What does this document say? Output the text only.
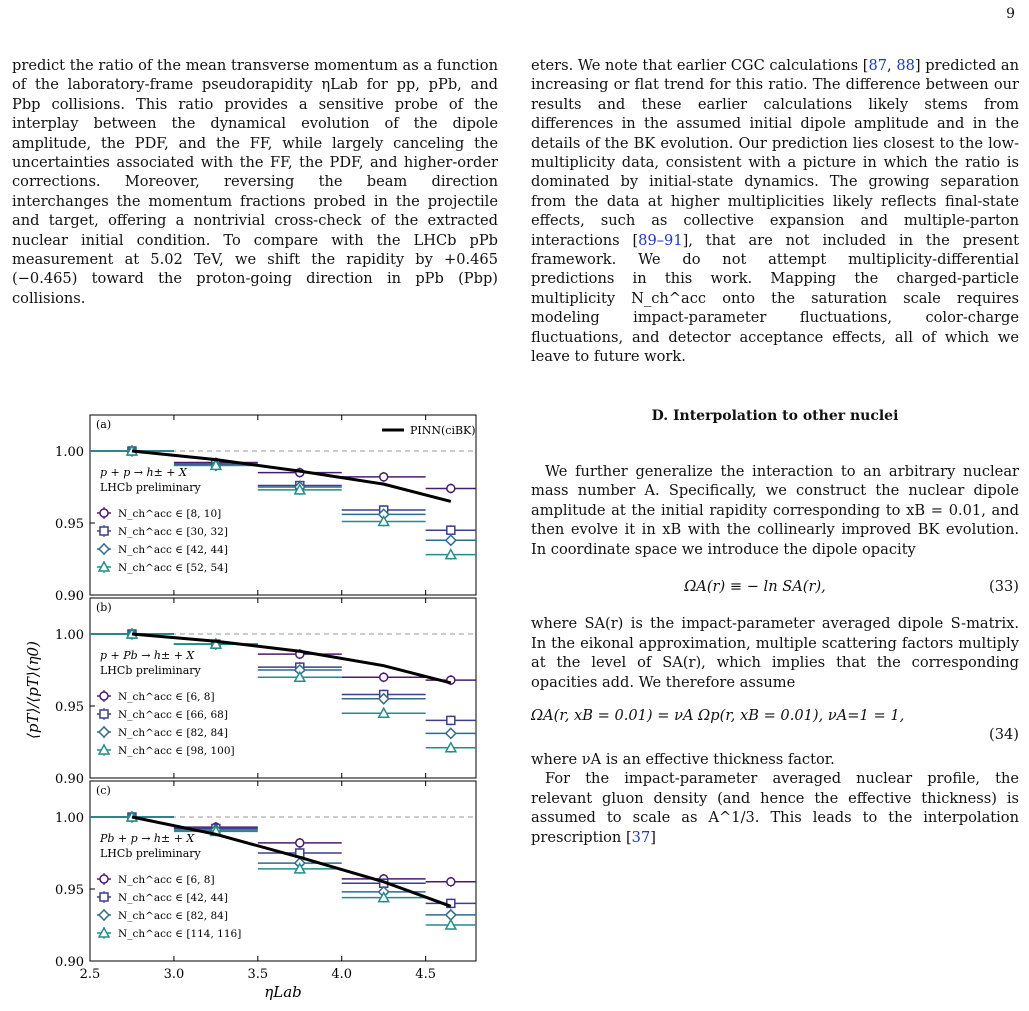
9

predict the ratio of the mean transverse momentum as a function of the laboratory-frame pseudorapidity ηLab for pp, pPb, and Pbp collisions. This ratio provides a sensitive probe of the interplay between the dynamical evolution of the dipole amplitude, the PDF, and the FF, while largely canceling the uncertainties associated with the FF, the PDF, and higher-order corrections. Moreover, reversing the beam direction interchanges the momentum fractions probed in the projectile and target, offering a nontrivial cross-check of the extracted nuclear initial condition. To compare with the LHCb pPb measurement at 5.02 TeV, we shift the rapidity by +0.465 (−0.465) toward the proton-going direction in pPb (Pbp) collisions.

eters. We note that earlier CGC calculations [87, 88] predicted an increasing or flat trend for this ratio. The difference between our results and these earlier calculations likely stems from differences in the assumed initial dipole amplitude and in the details of the BK evolution. Our prediction lies closest to the low-multiplicity data, consistent with a picture in which the ratio is dominated by initial-state dynamics. The growing separation from the data at higher multiplicities likely reflects final-state effects, such as collective expansion and multiple-parton interactions [89–91], that are not included in the present framework. We do not attempt multiplicity-differential predictions in this work. Mapping the charged-particle multiplicity N_ch^acc onto the saturation scale requires modeling impact-parameter fluctuations, color-charge fluctuations, and detector acceptance effects, all of which we leave to future work.

D. Interpolation to other nuclei

We further generalize the interaction to an arbitrary nuclear mass number A. Specifically, we construct the nuclear dipole amplitude at the initial rapidity corresponding to xB = 0.01, and then evolve it in xB with the collinearly improved BK evolution. In coordinate space we introduce the dipole opacity

ΩA(r) ≡ − ln SA(r),	(33)

where SA(r) is the impact-parameter averaged dipole S-matrix. In the eikonal approximation, multiple scattering factors multiply at the level of SA(r), which implies that the corresponding opacities add. We therefore assume

ΩA(r, xB = 0.01) = νA Ωp(r, xB = 0.01), νA=1 = 1,
(34)

where νA is an effective thickness factor.

For the impact-parameter averaged nuclear profile, the relevant gluon density (and hence the effective thickness) is assumed to scale as A^1/3. This leads to the interpolation prescription [37]

⟨pT⟩/⟨pT⟩(η0)
ηLab
0.90
0.95
1.00
(a)
p + p → h± + X
LHCb preliminary
N_ch^acc ∈ [8, 10]
N_ch^acc ∈ [30, 32]
N_ch^acc ∈ [42, 44]
N_ch^acc ∈ [52, 54]
0.90
0.95
1.00
(b)
p + Pb → h± + X
LHCb preliminary
N_ch^acc ∈ [6, 8]
N_ch^acc ∈ [66, 68]
N_ch^acc ∈ [82, 84]
N_ch^acc ∈ [98, 100]
0.90
0.95
1.00
2.5	3.0	3.5	4.0	4.5
(c)
Pb + p → h± + X
LHCb preliminary
N_ch^acc ∈ [6, 8]
N_ch^acc ∈ [42, 44]
N_ch^acc ∈ [82, 84]
N_ch^acc ∈ [114, 116]
PINN(ciBK)
